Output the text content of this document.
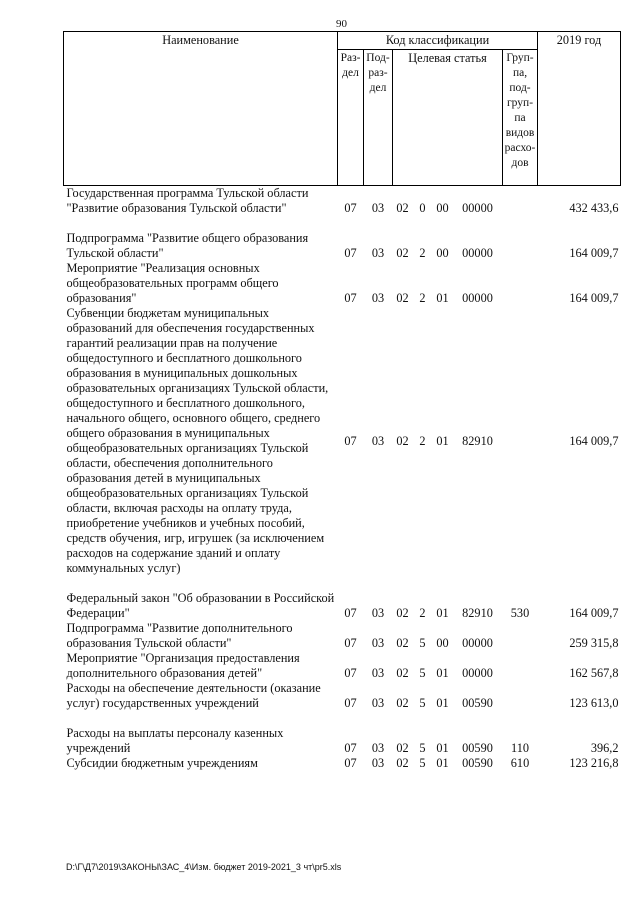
90
Наименование	Код классификации							2019 год
	Раз- дел	Под- раз- дел	Целевая статья				Груп- па, под- груп- па видов расхо- дов	
Государственная программа Тульской области "Развитие образования Тульской области"	07	03	02	0	00	00000		432 433,6

Подпрограмма "Развитие общего образования Тульской области"	07	03	02	2	00	00000		164 009,7
Мероприятие "Реализация основных общеобразовательных программ общего образования"	07	03	02	2	01	00000		164 009,7
Субвенции бюджетам муниципальных образований для обеспечения государственных гарантий реализации прав на получение общедоступного и бесплатного дошкольного образования в муниципальных дошкольных образовательных организациях Тульской области, общедоступного и бесплатного дошкольного, начального общего, основного общего, среднего общего образования в муниципальных общеобразовательных организациях Тульской области, обеспечения дополнительного образования детей в муниципальных общеобразовательных организациях Тульской области, включая расходы на оплату труда, приобретение учебников и учебных пособий, средств обучения, игр, игрушек (за исключением расходов на содержание зданий и оплату коммунальных услуг)	07	03	02	2	01	82910		164 009,7

Федеральный закон "Об образовании в Российской Федерации"	07	03	02	2	01	82910	530	164 009,7
Подпрограмма "Развитие дополнительного образования Тульской области"	07	03	02	5	00	00000		259 315,8
Мероприятие "Организация предоставления дополнительного образования детей"	07	03	02	5	01	00000		162 567,8
Расходы на обеспечение деятельности (оказание услуг) государственных учреждений	07	03	02	5	01	00590		123 613,0

Расходы на выплаты персоналу казенных учреждений	07	03	02	5	01	00590	110	396,2
Субсидии бюджетным учреждениям	07	03	02	5	01	00590	610	123 216,8
D:\Г\Д7\2019\ЗАКОНЫ\ЗАС_4\Изм. бюджет 2019-2021_3 чт\pr5.xls
